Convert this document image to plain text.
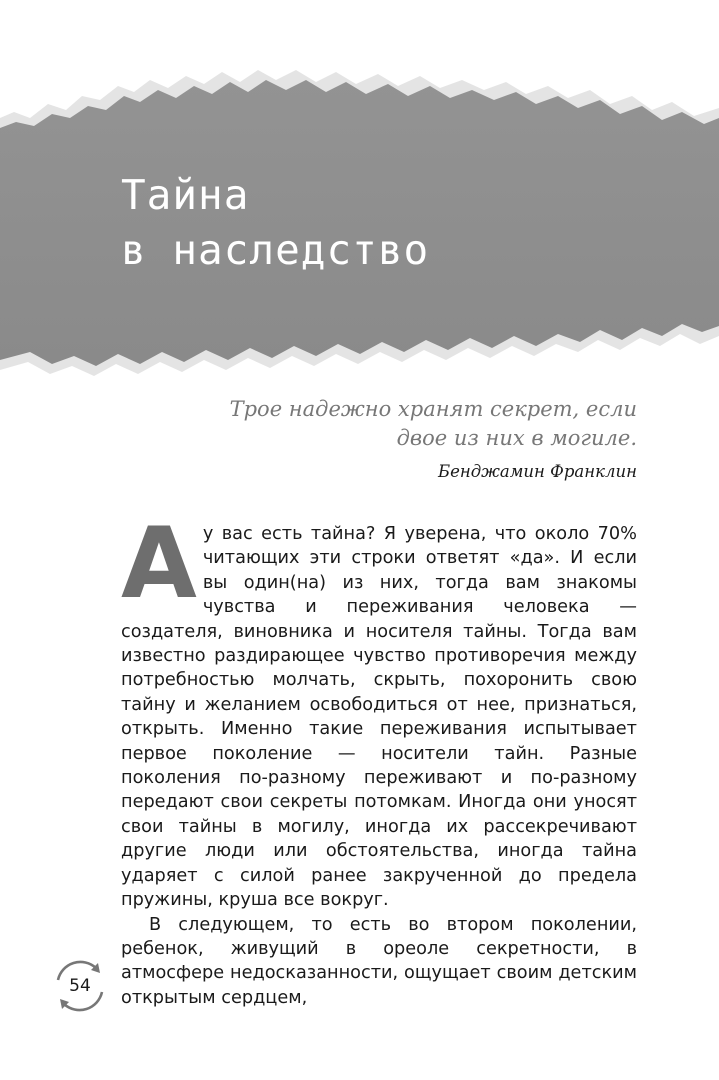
Тайна
в наследство

Трое надежно хранят секрет, если
двое из них в могиле.

Бенджамин Франклин

А у вас есть тайна? Я уверена, что около 70% читающих эти строки ответят «да». И если вы один(на) из них, тогда вам знакомы чувства и переживания человека — создателя, виновника и носителя тайны. Тогда вам известно раздирающее чувство противоречия между потребностью молчать, скрыть, похоронить свою тайну и желанием освободиться от нее, признаться, открыть. Именно такие переживания испытывает первое поколение — носители тайн. Разные поколения по-разному переживают и по-разному передают свои секреты потомкам. Иногда они уносят свои тайны в могилу, иногда их рассекречивают другие люди или обстоятельства, иногда тайна ударяет с силой ранее закрученной до предела пружины, круша все вокруг.

В следующем, то есть во втором поколении, ребенок, живущий в ореоле секретности, в атмосфере недосказанности, ощущает своим детским открытым сердцем,

54
